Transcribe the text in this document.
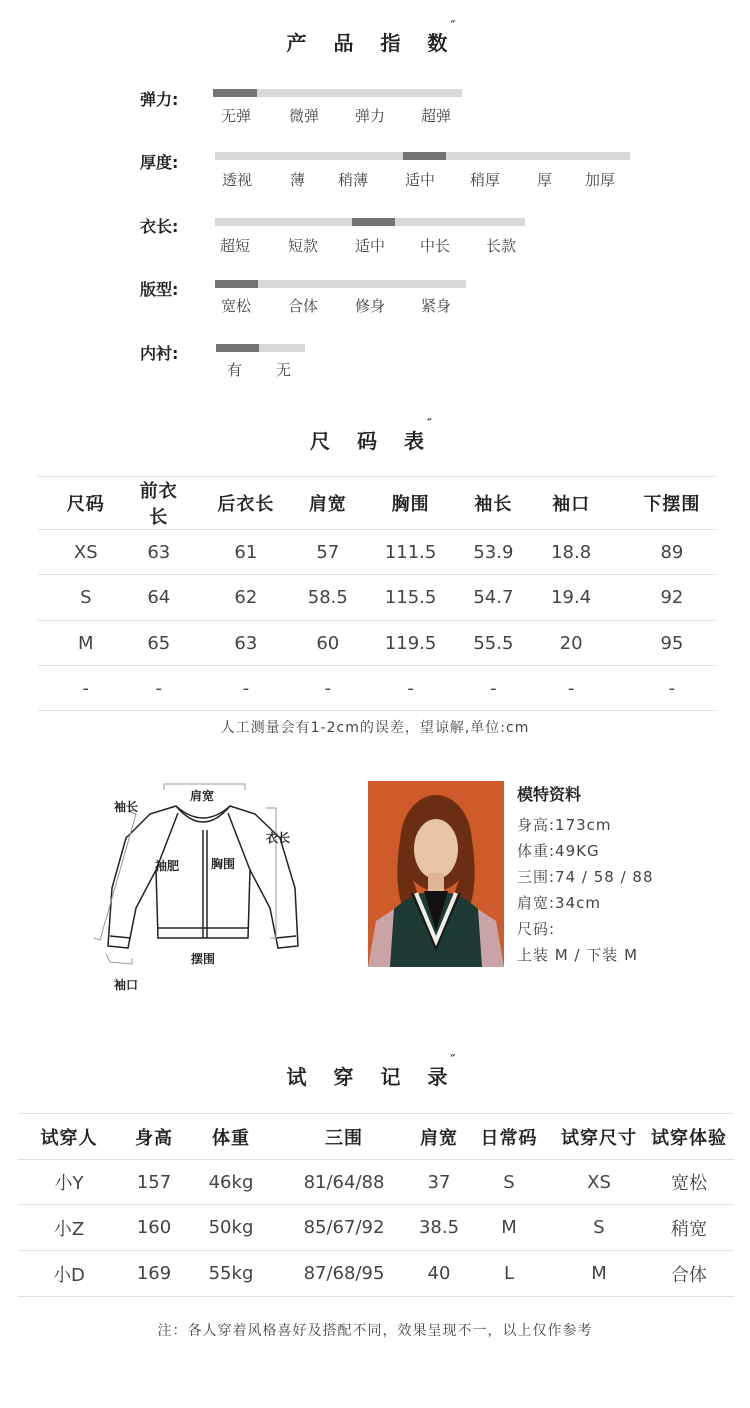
产 品 指 数˝
弹力:
无弹	微弹 弹力 超弹
厚度:
透视	薄 稍薄 适中 稍厚 厚 加厚
衣长:
超短	短款 适中 中长 长款
版型:
宽松 合体 修身 紧身
内衬:
有 无
尺 码 表˝
尺码	前衣长	后衣长	肩宽	胸围	袖长	袖口	下摆围
XS	63	61	57	111.5	53.9	18.8	89
S	64	62	58.5	115.5	54.7	19.4	92
M	65	63	60	119.5	55.5	20	95
-	-	-	-	-	-	-	-
人工测量会有1-2cm的误差，望谅解,单位:cm
肩宽
袖长
衣长
袖肥	胸围
摆围
袖口
模特资料
身高:173cm
体重:49KG
三围:74 / 58 / 88
肩宽:34cm
尺码:
上装 M / 下装 M
试 穿 记 录˝
试穿人	身高	体重	三围	肩宽	日常码	试穿尺寸	试穿体验
小Y	157	46kg	81/64/88	37	S	XS	宽松
小Z	160	50kg	85/67/92	38.5	M	S	稍宽
小D	169	55kg	87/68/95	40	L	M	合体
注：各人穿着风格喜好及搭配不同，效果呈现不一，以上仅作参考
